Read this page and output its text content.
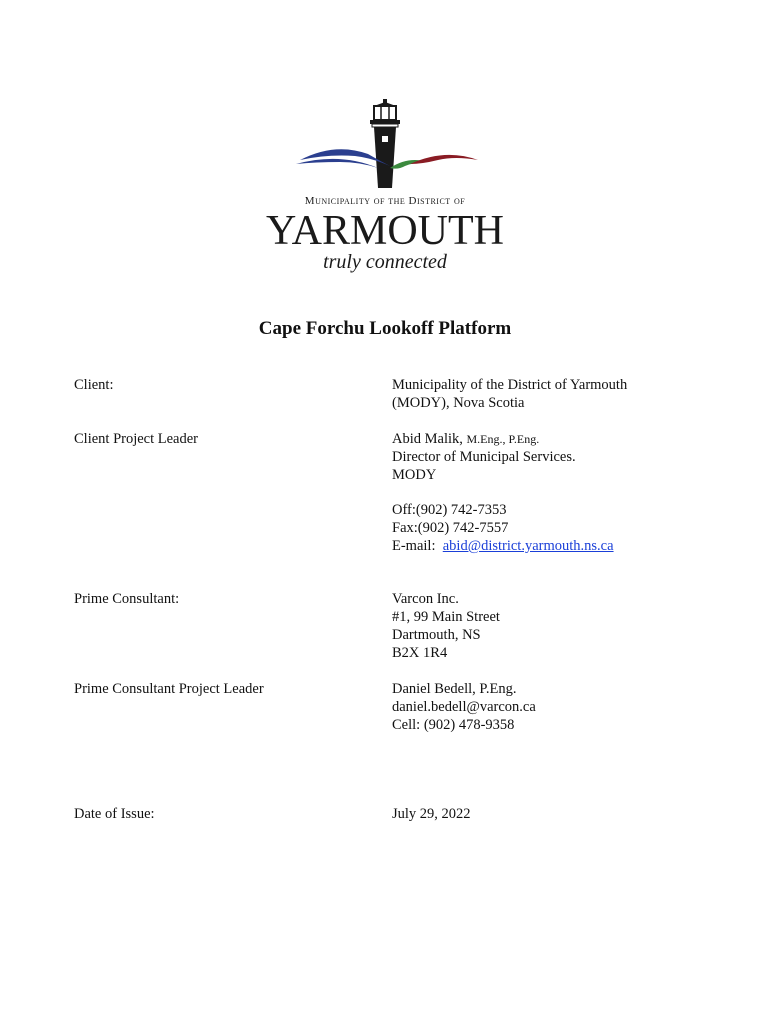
Municipality of the District of
YARMOUTH
truly connected
Cape Forchu Lookoff Platform
Client:	Municipality of the District of Yarmouth
(MODY), Nova Scotia
Client Project Leader	Abid Malik, M.Eng., P.Eng.
Director of Municipal Services.
MODY
Off:(902) 742-7353
Fax:(902) 742-7557
E-mail: abid@district.yarmouth.ns.ca
Prime Consultant:	Varcon Inc.
#1, 99 Main Street
Dartmouth, NS
B2X 1R4
Prime Consultant Project Leader	Daniel Bedell, P.Eng.
daniel.bedell@varcon.ca
Cell: (902) 478-9358
Date of Issue:	July 29, 2022
